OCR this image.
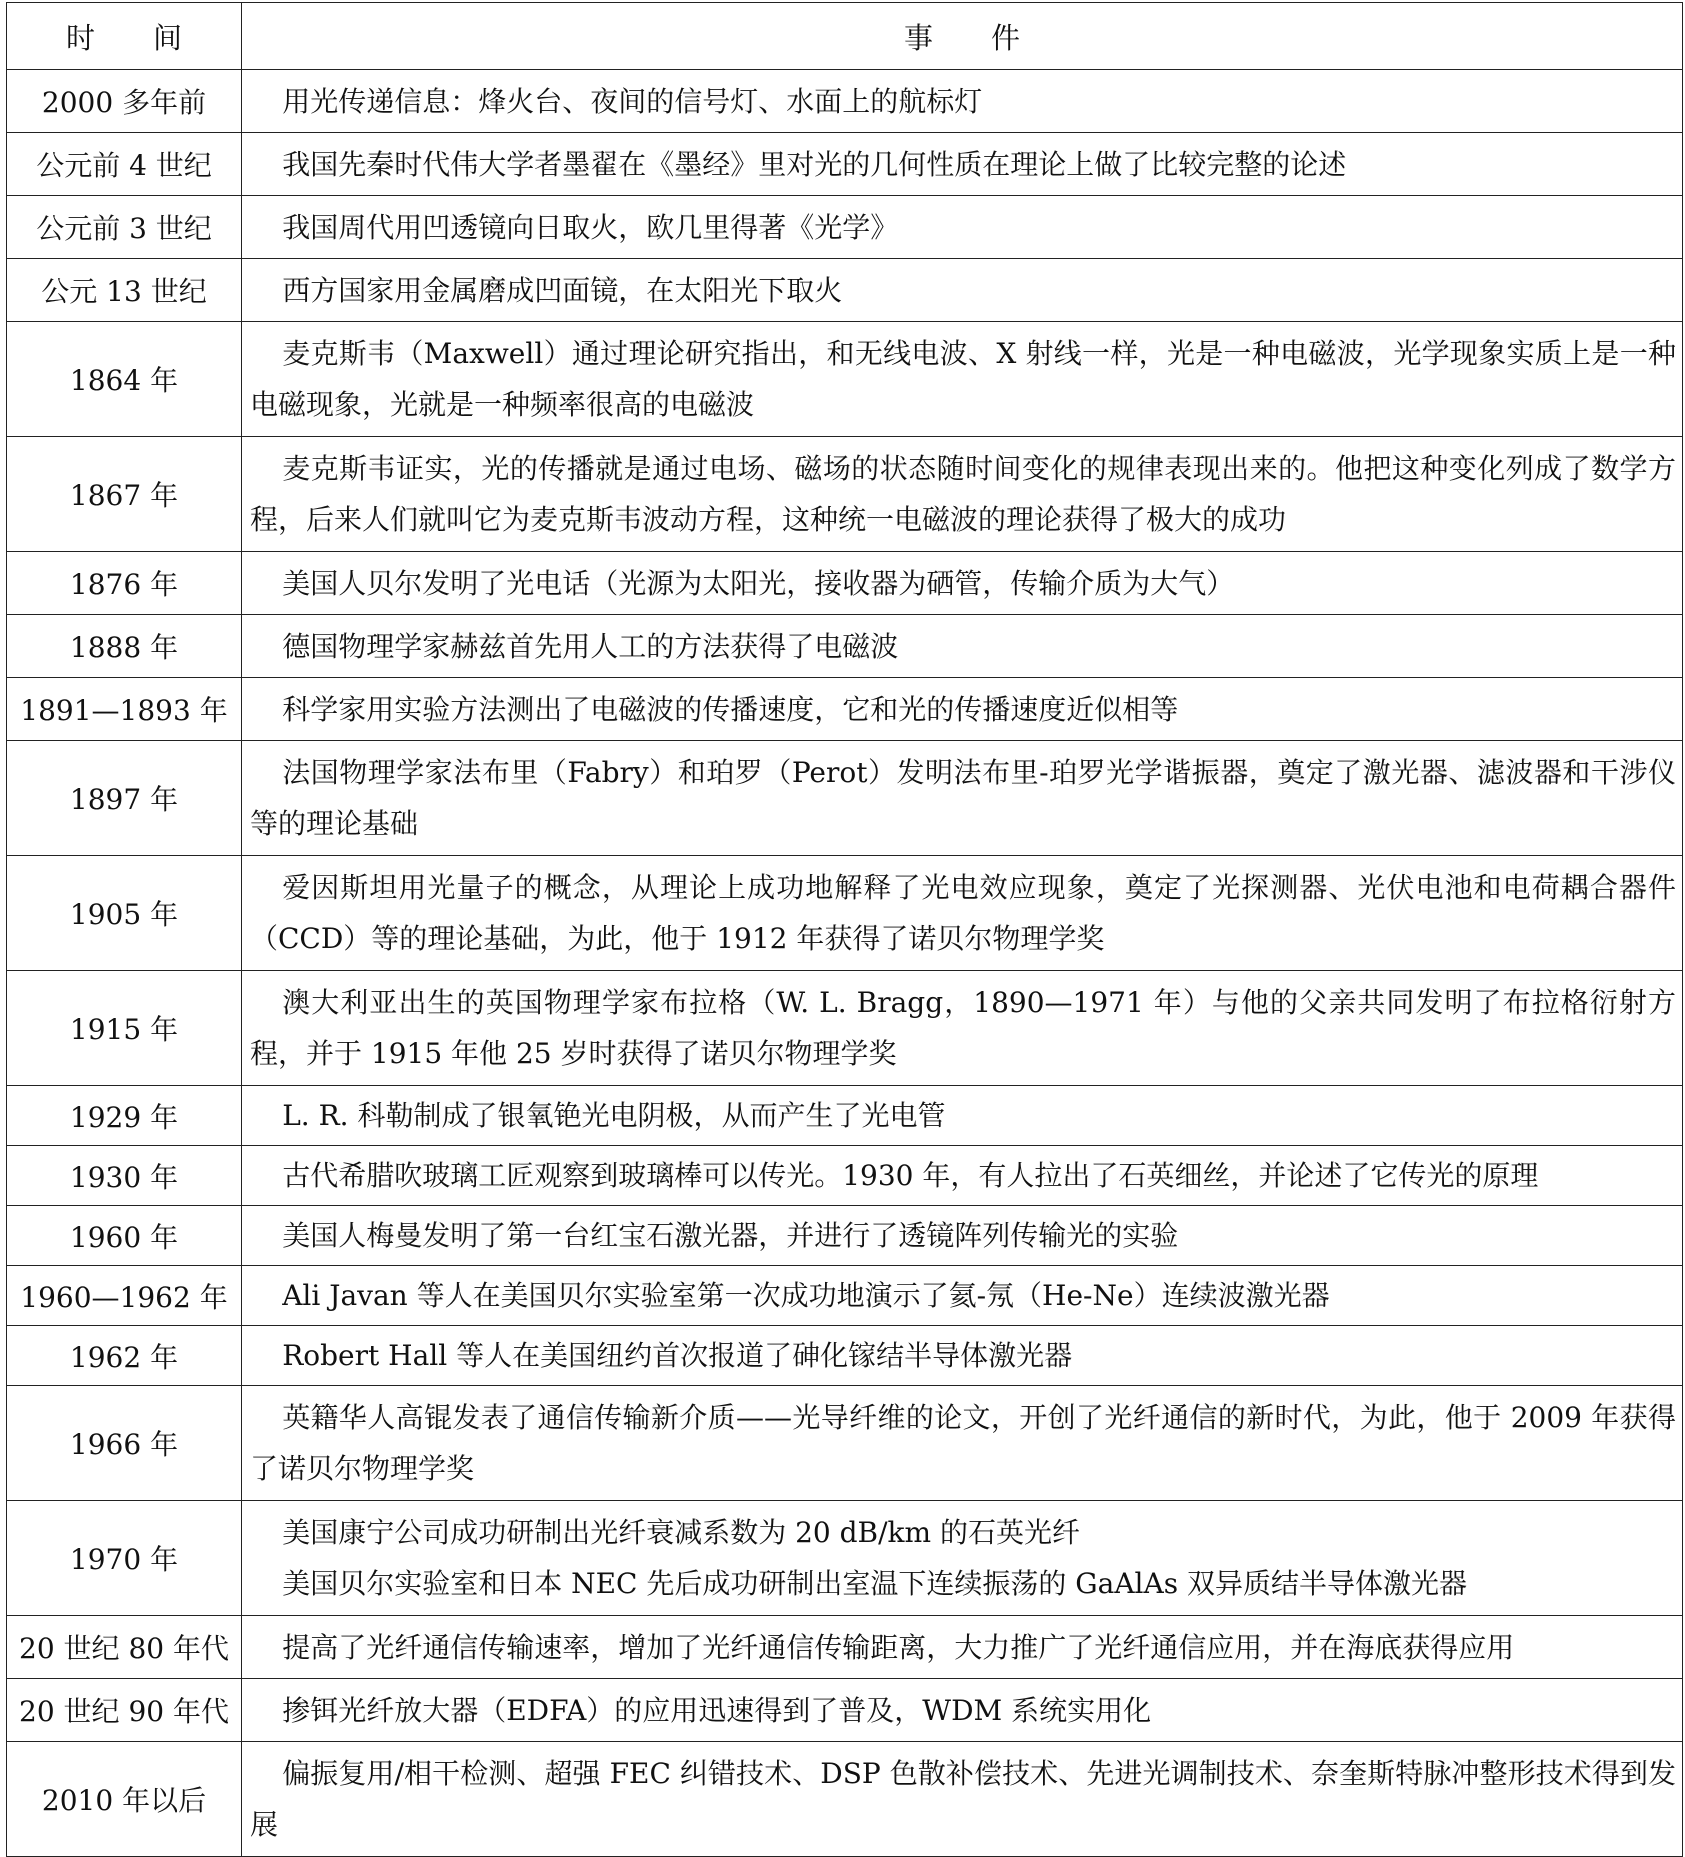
时　　间	事　　件
2000 多年前	用光传递信息：烽火台、夜间的信号灯、水面上的航标灯

公元前 4 世纪	我国先秦时代伟大学者墨翟在《墨经》里对光的几何性质在理论上做了比较完整的论述

公元前 3 世纪	我国周代用凹透镜向日取火，欧几里得著《光学》

公元 13 世纪	西方国家用金属磨成凹面镜，在太阳光下取火

1864 年	麦克斯韦（Maxwell）通过理论研究指出，和无线电波、X 射线一样，光是一种电磁波，光学现象实质上是一种电磁现象，光就是一种频率很高的电磁波

1867 年	麦克斯韦证实，光的传播就是通过电场、磁场的状态随时间变化的规律表现出来的。他把这种变化列成了数学方程，后来人们就叫它为麦克斯韦波动方程，这种统一电磁波的理论获得了极大的成功

1876 年	美国人贝尔发明了光电话（光源为太阳光，接收器为硒管，传输介质为大气）

1888 年	德国物理学家赫兹首先用人工的方法获得了电磁波

1891—1893 年	科学家用实验方法测出了电磁波的传播速度，它和光的传播速度近似相等

1897 年	法国物理学家法布里（Fabry）和珀罗（Perot）发明法布里-珀罗光学谐振器，奠定了激光器、滤波器和干涉仪等的理论基础

1905 年	爱因斯坦用光量子的概念，从理论上成功地解释了光电效应现象，奠定了光探测器、光伏电池和电荷耦合器件（CCD）等的理论基础，为此，他于 1912 年获得了诺贝尔物理学奖

1915 年	澳大利亚出生的英国物理学家布拉格（W. L. Bragg，1890—1971 年）与他的父亲共同发明了布拉格衍射方程，并于 1915 年他 25 岁时获得了诺贝尔物理学奖

1929 年	L. R. 科勒制成了银氧铯光电阴极，从而产生了光电管

1930 年	古代希腊吹玻璃工匠观察到玻璃棒可以传光。1930 年，有人拉出了石英细丝，并论述了它传光的原理

1960 年	美国人梅曼发明了第一台红宝石激光器，并进行了透镜阵列传输光的实验

1960—1962 年	Ali Javan 等人在美国贝尔实验室第一次成功地演示了氦-氖（He-Ne）连续波激光器

1962 年	Robert Hall 等人在美国纽约首次报道了砷化镓结半导体激光器

1966 年	英籍华人高锟发表了通信传输新介质——光导纤维的论文，开创了光纤通信的新时代，为此，他于 2009 年获得了诺贝尔物理学奖

1970 年	美国康宁公司成功研制出光纤衰减系数为 20 dB/km 的石英光纤
美国贝尔实验室和日本 NEC 先后成功研制出室温下连续振荡的 GaAlAs 双异质结半导体激光器

20 世纪 80 年代	提高了光纤通信传输速率，增加了光纤通信传输距离，大力推广了光纤通信应用，并在海底获得应用

20 世纪 90 年代	掺铒光纤放大器（EDFA）的应用迅速得到了普及，WDM 系统实用化

2010 年以后	偏振复用/相干检测、超强 FEC 纠错技术、DSP 色散补偿技术、先进光调制技术、奈奎斯特脉冲整形技术得到发展
